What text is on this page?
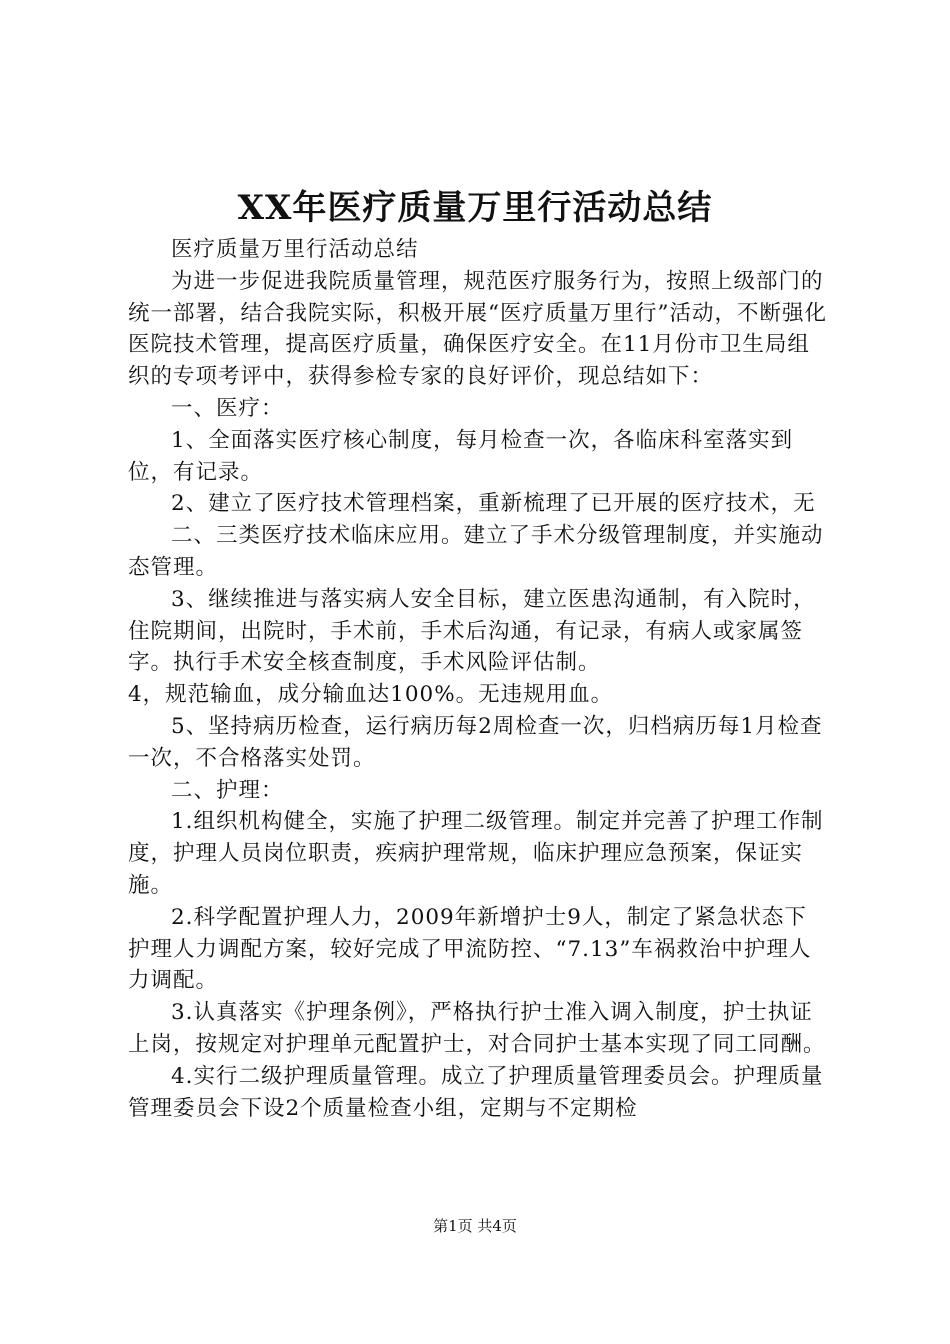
XX年医疗质量万里行活动总结

医疗质量万里行活动总结

为进一步促进我院质量管理，规范医疗服务行为，按照上级部门的统一部署，结合我院实际，积极开展“医疗质量万里行”活动，不断强化医院技术管理，提高医疗质量，确保医疗安全。在11月份市卫生局组织的专项考评中，获得参检专家的良好评价，现总结如下：

一、医疗：

1、全面落实医疗核心制度，每月检查一次，各临床科室落实到位，有记录。

2、建立了医疗技术管理档案，重新梳理了已开展的医疗技术，无

二、三类医疗技术临床应用。建立了手术分级管理制度，并实施动态管理。

3、继续推进与落实病人安全目标，建立医患沟通制，有入院时，住院期间，出院时，手术前，手术后沟通，有记录，有病人或家属签字。执行手术安全核查制度，手术风险评估制。

4，规范输血，成分输血达100%。无违规用血。

5、坚持病历检查，运行病历每2周检查一次，归档病历每1月检查一次，不合格落实处罚。

二、护理：

1.组织机构健全，实施了护理二级管理。制定并完善了护理工作制度，护理人员岗位职责，疾病护理常规，临床护理应急预案，保证实施。

2.科学配置护理人力，2009年新增护士9人，制定了紧急状态下护理人力调配方案，较好完成了甲流防控、“7.13”车祸救治中护理人力调配。

3.认真落实《护理条例》，严格执行护士准入调入制度，护士执证上岗，按规定对护理单元配置护士，对合同护士基本实现了同工同酬。

4.实行二级护理质量管理。成立了护理质量管理委员会。护理质量管理委员会下设2个质量检查小组，定期与不定期检

第1页 共4页
